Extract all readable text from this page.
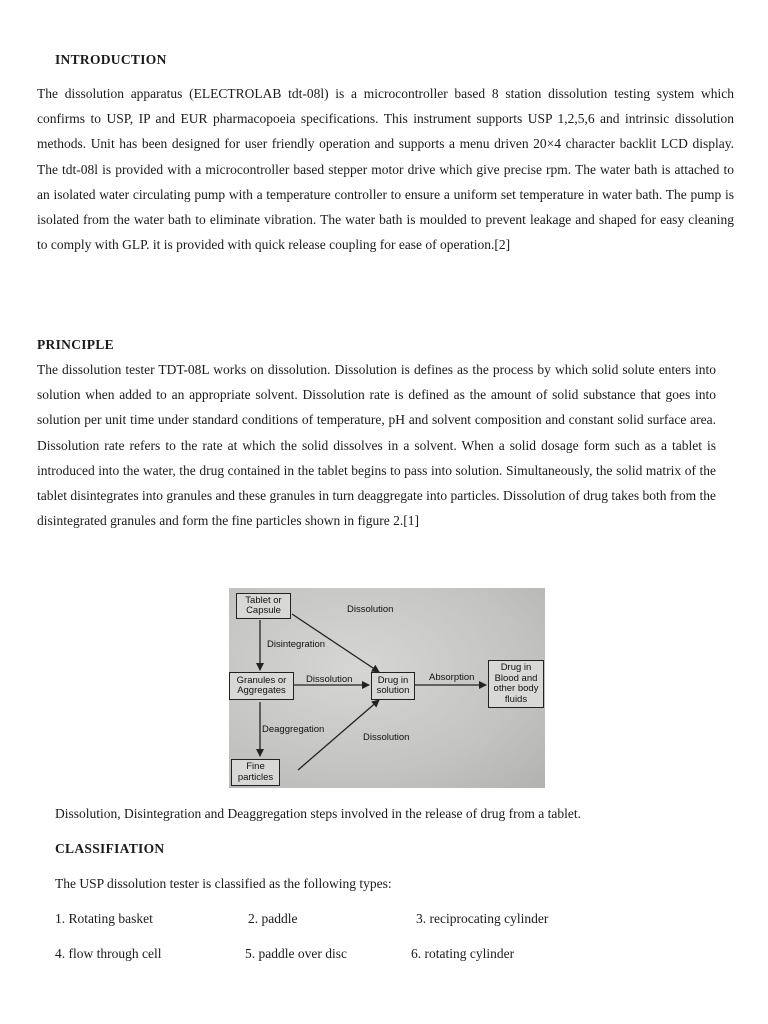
INTRODUCTION

The dissolution apparatus (ELECTROLAB tdt-08l) is a microcontroller based 8 station dissolution testing system which confirms to USP, IP and EUR pharmacopoeia specifications. This instrument supports USP 1,2,5,6 and intrinsic dissolution methods. Unit has been designed for user friendly operation and supports a menu driven 20×4 character backlit LCD display. The tdt-08l is provided with a microcontroller based stepper motor drive which give precise rpm. The water bath is attached to an isolated water circulating pump with a temperature controller to ensure a uniform set temperature in water bath. The pump is isolated from the water bath to eliminate vibration. The water bath is moulded to prevent leakage and shaped for easy cleaning to comply with GLP. it is provided with quick release coupling for ease of operation.[2]

PRINCIPLE

The dissolution tester TDT-08L works on dissolution. Dissolution is defines as the process by which solid solute enters into solution when added to an appropriate solvent. Dissolution rate is defined as the amount of solid substance that goes into solution per unit time under standard conditions of temperature, pH and solvent composition and constant solid surface area. Dissolution rate refers to the rate at which the solid dissolves in a solvent. When a solid dosage form such as a tablet is introduced into the water, the drug contained in the tablet begins to pass into solution. Simultaneously, the solid matrix of the tablet disintegrates into granules and these granules in turn deaggregate into particles. Dissolution of drug takes both from the disintegrated granules and form the fine particles shown in figure 2.[1]

Tablet or
Capsule
Granules or
Aggregates
Fine
particles
Drug in
solution
Drug in
Blood and
other body
fluids
Dissolution
Disintegration
Dissolution	Absorption
Deaggregation
Dissolution
Dissolution, Disintegration and Deaggregation steps involved in the release of drug from a tablet.
CLASSIFIATION
The USP dissolution tester is classified as the following types:
1. Rotating basket	2. paddle	3. reciprocating cylinder
4. flow through cell	5. paddle over disc	6. rotating cylinder
